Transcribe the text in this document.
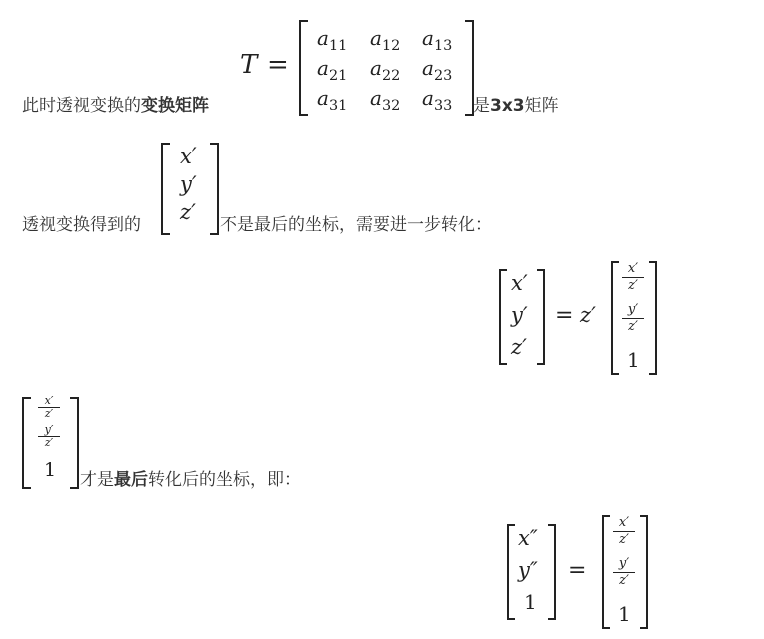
T =
$a_{11}$ $a_{12}$ $a_{13}$
$a_{21}$ $a_{22}$ $a_{23}$
$a_{31}$ $a_{32}$ $a_{33}$
此时透视变换的变换矩阵	是3x3矩阵
x′
y′
z′
透视变换得到的	不是最后的坐标，需要进一步转化：
x′
y′
z′
= z′
x′
z′
y′
z′
1
x′
z′
y′
z′
1 才是最后转化后的坐标，即：
x″
y″
1
=
x′
z′
y′
z′
1
